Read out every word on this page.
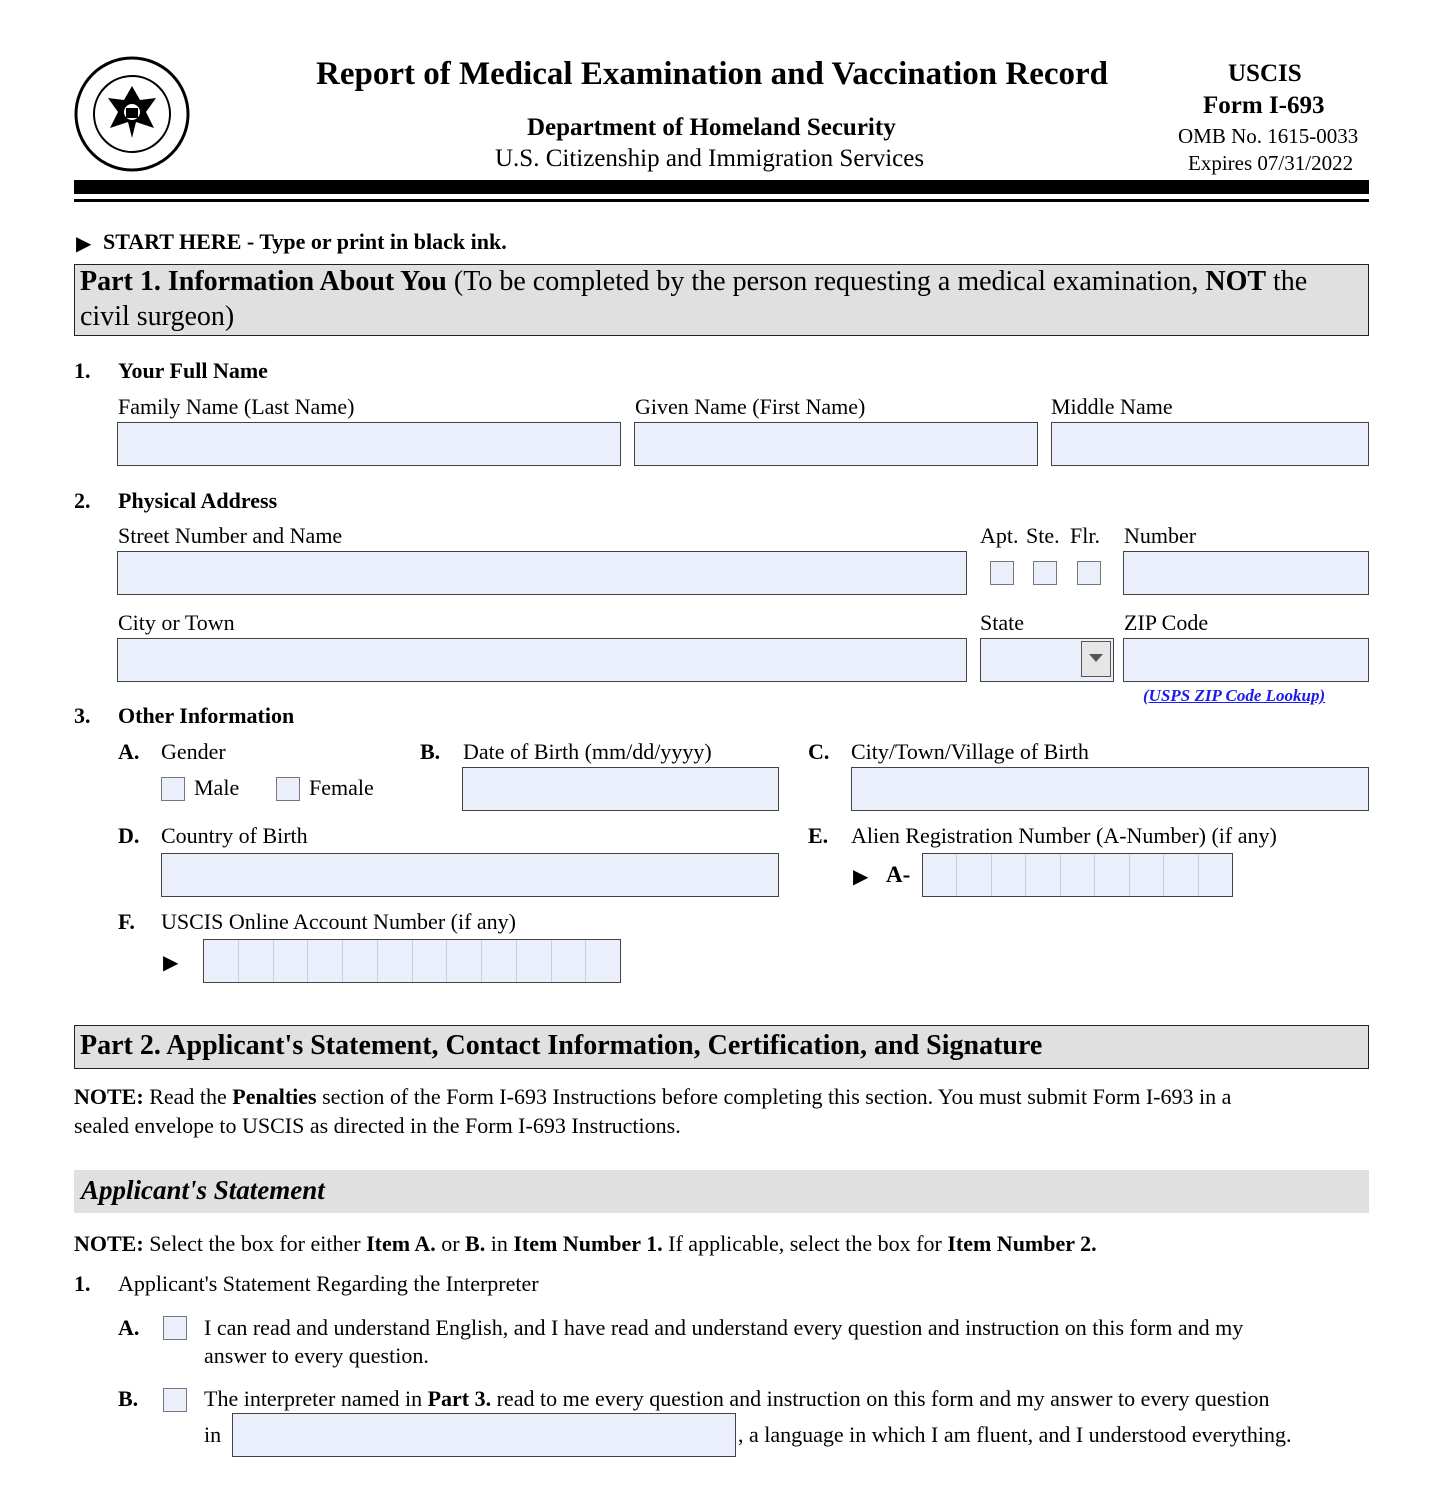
Report of Medical Examination and Vaccination Record
Department of Homeland Security
U.S. Citizenship and Immigration Services
USCIS
Form I-693
OMB No. 1615-0033
Expires 07/31/2022
▶ START HERE - Type or print in black ink.
Part 1. Information About You (To be completed by the person requesting a medical examination, NOT the
civil surgeon)
1. Your Full Name
Family Name (Last Name)	Given Name (First Name)	Middle Name
2. Physical Address
Street Number and Name	Apt. Ste. Flr. Number
City or Town	State	ZIP Code
(USPS ZIP Code Lookup)
3. Other Information
A. Gender
Male	Female
B. Date of Birth (mm/dd/yyyy)	C. City/Town/Village of Birth
D. Country of Birth	E. Alien Registration Number (A-Number) (if any)
▶ A-
F. USCIS Online Account Number (if any)
▶
Part 2. Applicant's Statement, Contact Information, Certification, and Signature
NOTE: Read the Penalties section of the Form I-693 Instructions before completing this section. You must submit Form I-693 in a
sealed envelope to USCIS as directed in the Form I-693 Instructions.
Applicant's Statement
NOTE: Select the box for either Item A. or B. in Item Number 1. If applicable, select the box for Item Number 2.
1. Applicant's Statement Regarding the Interpreter
A.	I can read and understand English, and I have read and understand every question and instruction on this form and my
answer to every question.
B.	The interpreter named in Part 3. read to me every question and instruction on this form and my answer to every question
in	, a language in which I am fluent, and I understood everything.
